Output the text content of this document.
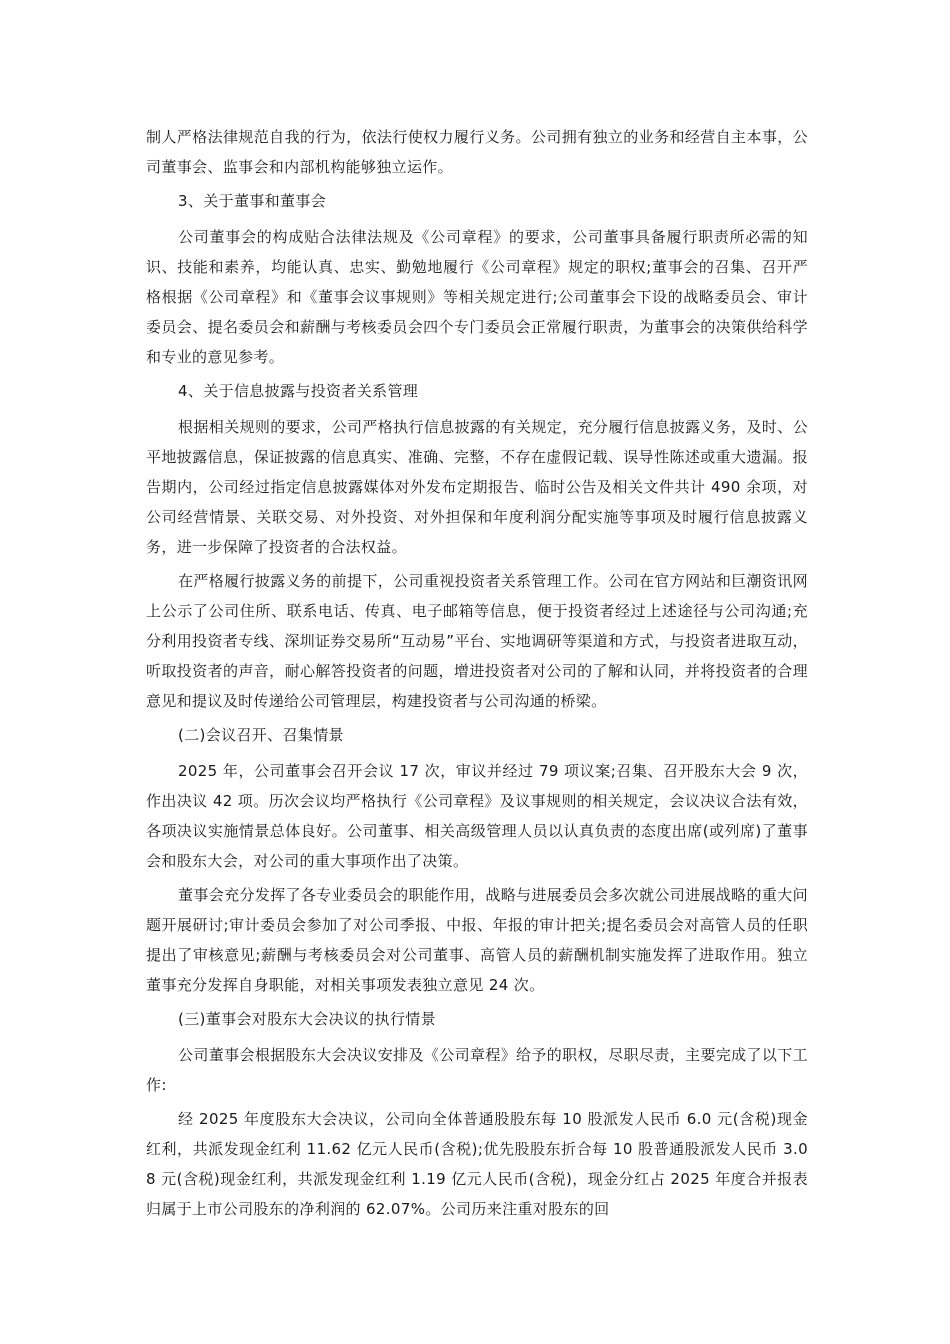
制人严格法律规范自我的行为，依法行使权力履行义务。公司拥有独立的业务和经营自主本事，公司董事会、监事会和内部机构能够独立运作。

3、关于董事和董事会

公司董事会的构成贴合法律法规及《公司章程》的要求，公司董事具备履行职责所必需的知识、技能和素养，均能认真、忠实、勤勉地履行《公司章程》规定的职权;董事会的召集、召开严格根据《公司章程》和《董事会议事规则》等相关规定进行;公司董事会下设的战略委员会、审计委员会、提名委员会和薪酬与考核委员会四个专门委员会正常履行职责，为董事会的决策供给科学和专业的意见参考。

4、关于信息披露与投资者关系管理

根据相关规则的要求，公司严格执行信息披露的有关规定，充分履行信息披露义务，及时、公平地披露信息，保证披露的信息真实、准确、完整，不存在虚假记载、误导性陈述或重大遗漏。报告期内，公司经过指定信息披露媒体对外发布定期报告、临时公告及相关文件共计 490 余项，对公司经营情景、关联交易、对外投资、对外担保和年度利润分配实施等事项及时履行信息披露义务，进一步保障了投资者的合法权益。

在严格履行披露义务的前提下，公司重视投资者关系管理工作。公司在官方网站和巨潮资讯网上公示了公司住所、联系电话、传真、电子邮箱等信息，便于投资者经过上述途径与公司沟通;充分利用投资者专线、深圳证券交易所“互动易”平台、实地调研等渠道和方式，与投资者进取互动，听取投资者的声音，耐心解答投资者的问题，增进投资者对公司的了解和认同，并将投资者的合理意见和提议及时传递给公司管理层，构建投资者与公司沟通的桥梁。

(二)会议召开、召集情景

2025 年，公司董事会召开会议 17 次，审议并经过 79 项议案;召集、召开股东大会 9 次，作出决议 42 项。历次会议均严格执行《公司章程》及议事规则的相关规定，会议决议合法有效，各项决议实施情景总体良好。公司董事、相关高级管理人员以认真负责的态度出席(或列席)了董事会和股东大会，对公司的重大事项作出了决策。

董事会充分发挥了各专业委员会的职能作用，战略与进展委员会多次就公司进展战略的重大问题开展研讨;审计委员会参加了对公司季报、中报、年报的审计把关;提名委员会对高管人员的任职提出了审核意见;薪酬与考核委员会对公司董事、高管人员的薪酬机制实施发挥了进取作用。独立董事充分发挥自身职能，对相关事项发表独立意见 24 次。

(三)董事会对股东大会决议的执行情景

公司董事会根据股东大会决议安排及《公司章程》给予的职权，尽职尽责，主要完成了以下工作:

经 2025 年度股东大会决议，公司向全体普通股股东每 10 股派发人民币 6.0 元(含税)现金红利，共派发现金红利 11.62 亿元人民币(含税);优先股股东折合每 10 股普通股派发人民币 3.08 元(含税)现金红利，共派发现金红利 1.19 亿元人民币(含税)，现金分红占 2025 年度合并报表归属于上市公司股东的净利润的 62.07%。公司历来注重对股东的回
